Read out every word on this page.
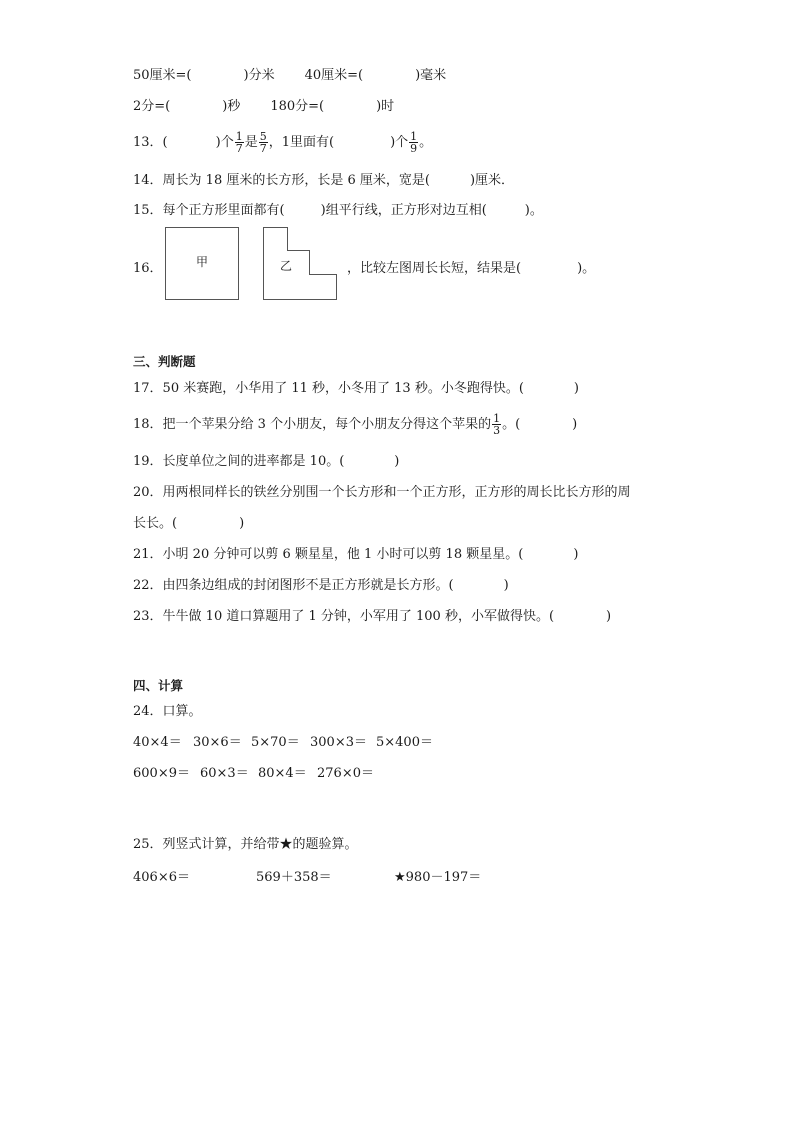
50厘米=(	)分米 40厘米=(	)毫米
2分=(	)秒 180分=(	)时
13．(	)个 $\frac{1}{7}$ 是 $\frac{5}{7}$ ，1里面有(	)个 $\frac{1}{9}$ 。
14．周长为 18 厘米的长方形，长是 6 厘米，宽是(	)厘米．
15．每个正方形里面都有(	)组平行线，正方形对边互相(	)。
16．	甲	乙	，比较左图周长长短，结果是(	)。
三、判断题
17．50 米赛跑，小华用了 11 秒，小冬用了 13 秒。小冬跑得快。(	)
18．把一个苹果分给 3 个小朋友，每个小朋友分得这个苹果的 $\frac{1}{3}$ 。(	)
19．长度单位之间的进率都是 10。(	)
20．用两根同样长的铁丝分别围一个长方形和一个正方形，正方形的周长比长方形的周
长长。(	)
21．小明 20 分钟可以剪 6 颗星星，他 1 小时可以剪 18 颗星星。(	)
22．由四条边组成的封闭图形不是正方形就是长方形。(	)
23．牛牛做 10 道口算题用了 1 分钟，小军用了 100 秒，小军做得快。(	)
四、计算
24．口算。
40×4＝ 30×6＝ 5×70＝ 300×3＝ 5×400＝
600×9＝ 60×3＝ 80×4＝ 276×0＝
25．列竖式计算，并给带★的题验算。
406×6＝	569＋358＝	★980－197＝
